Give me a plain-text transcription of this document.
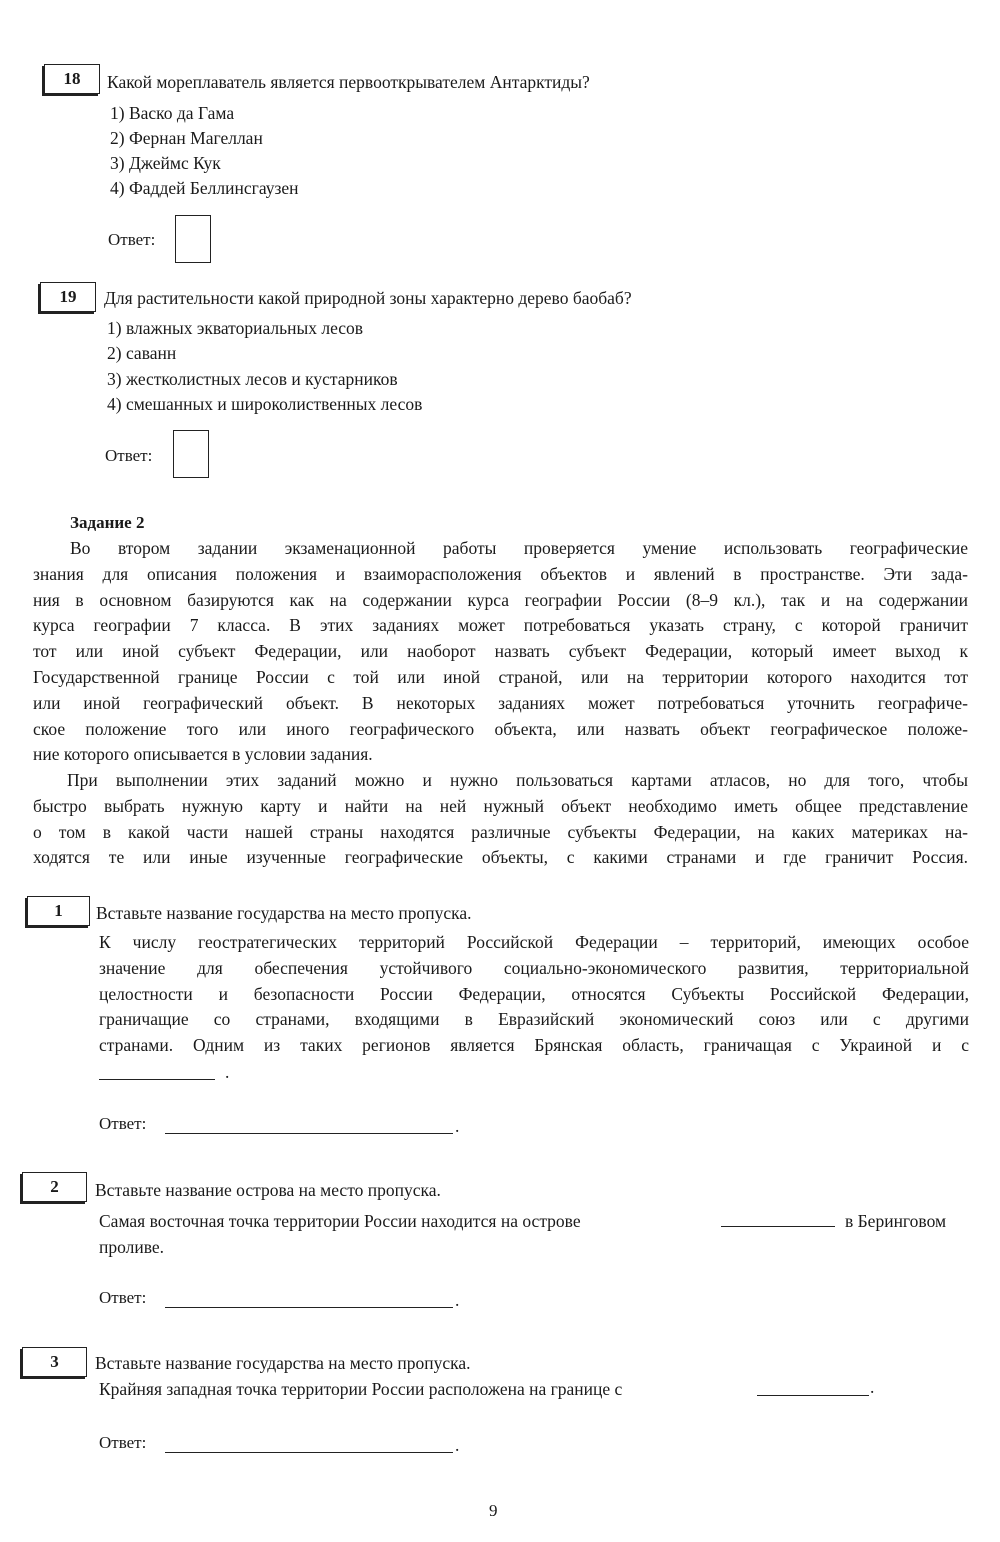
18 Какой мореплаватель является первооткрывателем Антарктиды?
1) Васко да Гама
2) Фернан Магеллан
3) Джеймс Кук
4) Фаддей Беллинсгаузен
Ответ:
19 Для растительности какой природной зоны характерно дерево баобаб?
1) влажных экваториальных лесов
2) саванн
3) жестколистных лесов и кустарников
4) смешанных и широколиственных лесов
Ответ:
Задание 2
Во втором задании экзаменационной работы проверяется умение использовать географические
знания для описания положения и взаиморасположения объектов и явлений в пространстве. Эти зада-
ния в основном базируются как на содержании курса географии России (8–9 кл.), так и на содержании
курса географии 7 класса. В этих заданиях может потребоваться указать страну, с которой граничит
тот или иной субъект Федерации, или наоборот назвать субъект Федерации, который имеет выход к
Государственной границе России с той или иной страной, или на территории которого находится тот
или иной географический объект. В некоторых заданиях может потребоваться уточнить географиче-
ское положение того или иного географического объекта, или назвать объект географическое положе-
ние которого описывается в условии задания.
При выполнении этих заданий можно и нужно пользоваться картами атласов, но для того, чтобы
быстро выбрать нужную карту и найти на ней нужный объект необходимо иметь общее представление
о том в какой части нашей страны находятся различные субъекты Федерации, на каких материках на-
ходятся те или иные изученные географические объекты, с какими странами и где граничит Россия.
1 Вставьте название государства на место пропуска.
К числу геостратегических территорий Российской Федерации – территорий, имеющих особое
значение для обеспечения устойчивого социально-экономического развития, территориальной
целостности и безопасности России Федерации, относятся Субъекты Российской Федерации,
граничащие со странами, входящими в Евразийский экономический союз или с другими
странами. Одним из таких регионов является Брянская область, граничащая с Украиной и с
.
Ответ:	.
2 Вставьте название острова на место пропуска.
Самая восточная точка территории России находится на острове	в Беринговом
проливе.
Ответ:	.
3 Вставьте название государства на место пропуска.
Крайняя западная точка территории России расположена на границе с	.
Ответ:	.
9
